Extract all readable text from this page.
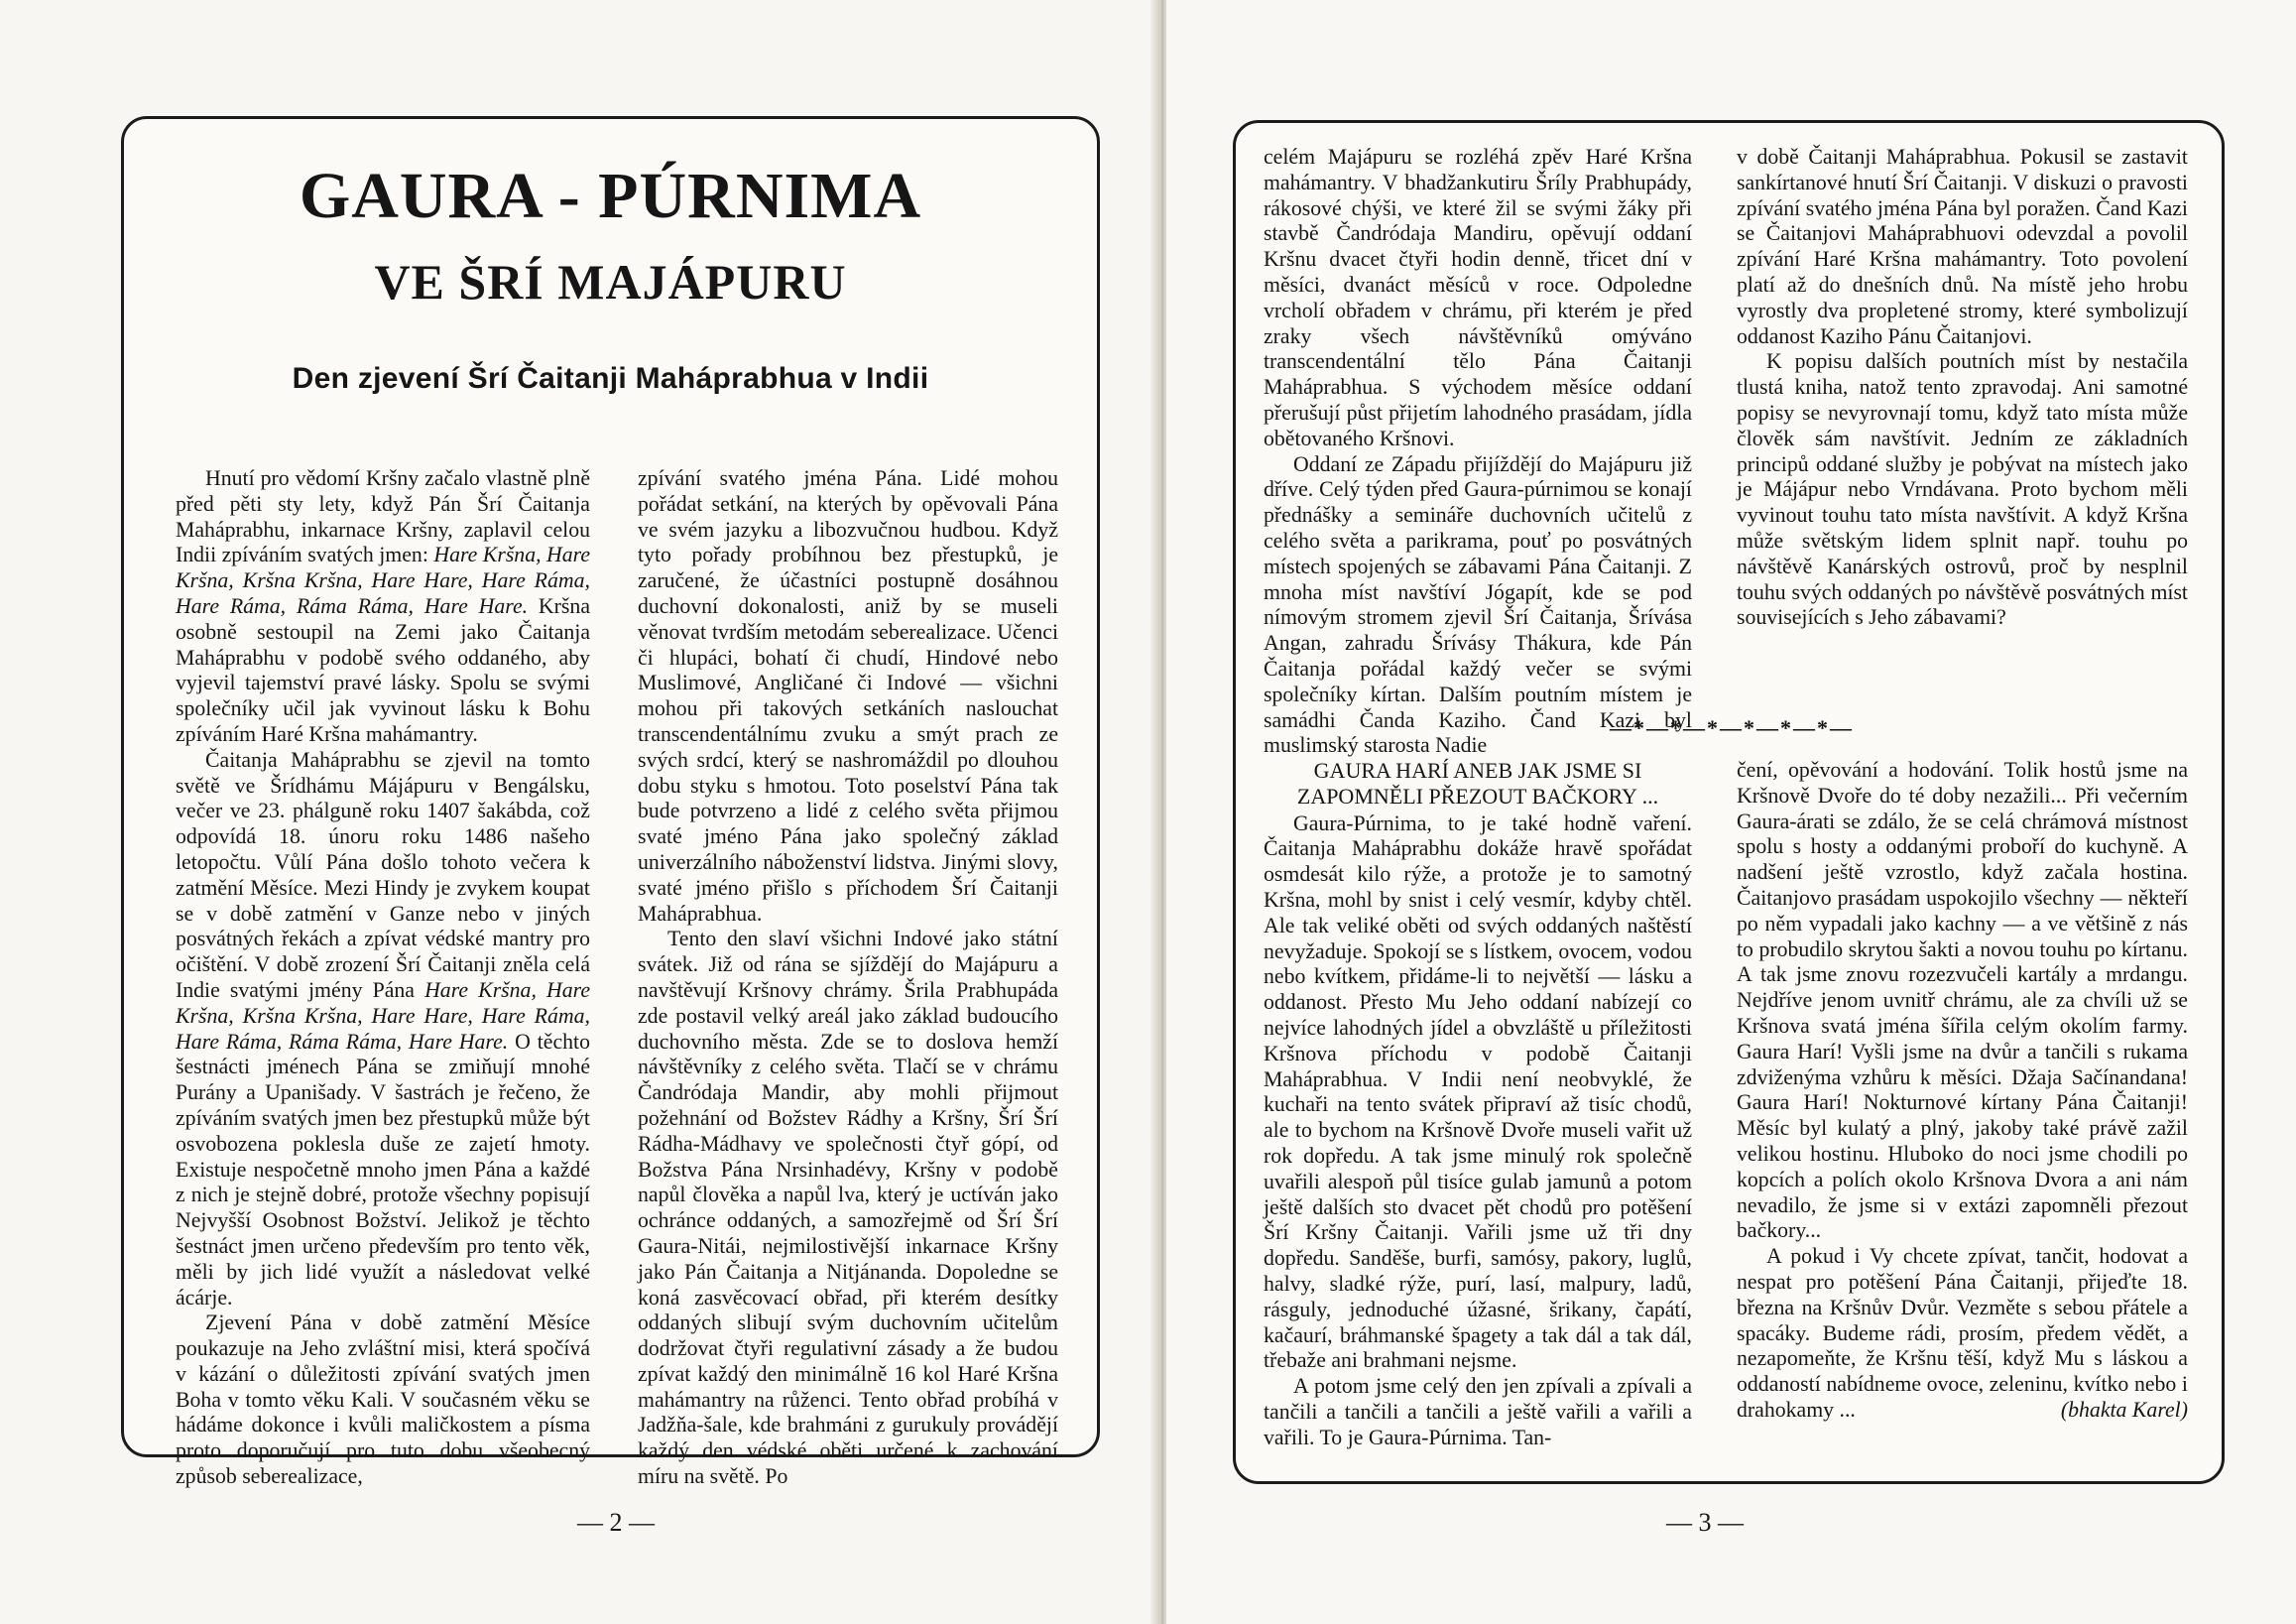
GAURA - PÚRNIMA
VE ŠRÍ MAJÁPURU
Den zjevení Šrí Čaitanji Maháprabhua v Indii

Hnutí pro vědomí Kršny začalo vlastně plně před pěti sty lety, když Pán Šrí Čaitanja Maháprabhu, inkarnace Kršny, zaplavil celou Indii zpíváním svatých jmen: Hare Kršna, Hare Kršna, Kršna Kršna, Hare Hare, Hare Ráma, Hare Ráma, Ráma Ráma, Hare Hare. Kršna osobně sestoupil na Zemi jako Čaitanja Maháprabhu v podobě svého oddaného, aby vyjevil tajemství pravé lásky. Spolu se svými společníky učil jak vyvinout lásku k Bohu zpíváním Haré Kršna mahámantry.

Čaitanja Maháprabhu se zjevil na tomto světě ve Šrídhámu Májápuru v Bengálsku, večer ve 23. phálguně roku 1407 šakábda, což odpovídá 18. únoru roku 1486 našeho letopočtu. Vůlí Pána došlo tohoto večera k zatmění Měsíce. Mezi Hindy je zvykem koupat se v době zatmění v Ganze nebo v jiných posvátných řekách a zpívat védské mantry pro očištění. V době zrození Šrí Čaitanji zněla celá Indie svatými jmény Pána Hare Kršna, Hare Kršna, Kršna Kršna, Hare Hare, Hare Ráma, Hare Ráma, Ráma Ráma, Hare Hare. O těchto šestnácti jménech Pána se zmiňují mnohé Purány a Upanišady. V šastrách je řečeno, že zpíváním svatých jmen bez přestupků může být osvobozena poklesla duše ze zajetí hmoty. Existuje nespočetně mnoho jmen Pána a každé z nich je stejně dobré, protože všechny popisují Nejvyšší Osobnost Božství. Jelikož je těchto šestnáct jmen určeno především pro tento věk, měli by jich lidé využít a následovat velké ácárje.

Zjevení Pána v době zatmění Měsíce poukazuje na Jeho zvláštní misi, která spočívá v kázání o důležitosti zpívání svatých jmen Boha v tomto věku Kali. V současném věku se hádáme dokonce i kvůli maličkostem a písma proto doporučují pro tuto dobu všeobecný způsob seberealizace,

zpívání svatého jména Pána. Lidé mohou pořádat setkání, na kterých by opěvovali Pána ve svém jazyku a libozvučnou hudbou. Když tyto pořady probíhnou bez přestupků, je zaručené, že účastníci postupně dosáhnou duchovní dokonalosti, aniž by se museli věnovat tvrdším metodám seberealizace. Učenci či hlupáci, bohatí či chudí, Hindové nebo Muslimové, Angličané či Indové — všichni mohou při takových setkáních naslouchat transcendentálnímu zvuku a smýt prach ze svých srdcí, který se nashromáždil po dlouhou dobu styku s hmotou. Toto poselství Pána tak bude potvrzeno a lidé z celého světa přijmou svaté jméno Pána jako společný základ univerzálního náboženství lidstva. Jinými slovy, svaté jméno přišlo s příchodem Šrí Čaitanji Maháprabhua.

Tento den slaví všichni Indové jako státní svátek. Již od rána se sjíždějí do Majápuru a navštěvují Kršnovy chrámy. Šrila Prabhupáda zde postavil velký areál jako základ budoucího duchovního města. Zde se to doslova hemží návštěvníky z celého světa. Tlačí se v chrámu Čandródaja Mandir, aby mohli přijmout požehnání od Božstev Rádhy a Kršny, Šrí Šrí Rádha-Mádhavy ve společnosti čtyř gópí, od Božstva Pána Nrsinhadévy, Kršny v podobě napůl člověka a napůl lva, který je uctíván jako ochránce oddaných, a samozřejmě od Šrí Šrí Gaura-Nitái, nejmilostivější inkarnace Kršny jako Pán Čaitanja a Nitjánanda. Dopoledne se koná zasvěcovací obřad, při kterém desítky oddaných slibují svým duchovním učitelům dodržovat čtyři regulativní zásady a že budou zpívat každý den minimálně 16 kol Haré Kršna mahámantry na růženci. Tento obřad probíhá v Jadžňa-šale, kde brahmáni z gurukuly provádějí každý den védské oběti určené k zachování míru na světě. Po

— 2 —

celém Majápuru se rozléhá zpěv Haré Kršna mahámantry. V bhadžankutiru Šríly Prabhupády, rákosové chýši, ve které žil se svými žáky při stavbě Čandródaja Mandiru, opěvují oddaní Kršnu dvacet čtyři hodin denně, třicet dní v měsíci, dvanáct měsíců v roce. Odpoledne vrcholí obřadem v chrámu, při kterém je před zraky všech návštěvníků omýváno transcendentální tělo Pána Čaitanji Maháprabhua. S východem měsíce oddaní přerušují půst přijetím lahodného prasádam, jídla obětovaného Kršnovi.

Oddaní ze Západu přijíždějí do Majápuru již dříve. Celý týden před Gaura-púrnimou se konají přednášky a semináře duchovních učitelů z celého světa a parikrama, pouť po posvátných místech spojených se zábavami Pána Čaitanji. Z mnoha míst navštíví Jógapít, kde se pod nímovým stromem zjevil Šrí Čaitanja, Šrívása Angan, zahradu Šrívásy Thákura, kde Pán Čaitanja pořádal každý večer se svými společníky kírtan. Dalším poutním místem je samádhi Čanda Kaziho. Čand Kazi byl muslimský starosta Nadie

v době Čaitanji Maháprabhua. Pokusil se zastavit sankírtanové hnutí Šrí Čaitanji. V diskuzi o pravosti zpívání svatého jména Pána byl poražen. Čand Kazi se Čaitanjovi Maháprabhuovi odevzdal a povolil zpívání Haré Kršna mahámantry. Toto povolení platí až do dnešních dnů. Na místě jeho hrobu vyrostly dva propletené stromy, které symbolizují oddanost Kaziho Pánu Čaitanjovi.

K popisu dalších poutních míst by nestačila tlustá kniha, natož tento zpravodaj. Ani samotné popisy se nevyrovnají tomu, když tato místa může člověk sám navštívit. Jedním ze základních principů oddané služby je pobývat na místech jako je Májápur nebo Vrndávana. Proto bychom měli vyvinout touhu tato místa navštívit. A když Kršna může světským lidem splnit např. touhu po návštěvě Kanárských ostrovů, proč by nesplnil touhu svých oddaných po návštěvě posvátných míst souvisejících s Jeho zábavami?

—*—*—*—*—*—*—

GAURA HARÍ ANEB JAK JSME SI ZAPOMNĚLI PŘEZOUT BAČKORY ...

Gaura-Púrnima, to je také hodně vaření. Čaitanja Maháprabhu dokáže hravě spořádat osmdesát kilo rýže, a protože je to samotný Kršna, mohl by snist i celý vesmír, kdyby chtěl. Ale tak veliké oběti od svých oddaných naštěstí nevyžaduje. Spokojí se s lístkem, ovocem, vodou nebo kvítkem, přidáme-li to největší — lásku a oddanost. Přesto Mu Jeho oddaní nabízejí co nejvíce lahodných jídel a obvzláště u příležitosti Kršnova příchodu v podobě Čaitanji Maháprabhua. V Indii není neobvyklé, že kuchaři na tento svátek připraví až tisíc chodů, ale to bychom na Kršnově Dvoře museli vařit už rok dopředu. A tak jsme minulý rok společně uvařili alespoň půl tisíce gulab jamunů a potom ještě dalších sto dvacet pět chodů pro potěšení Šrí Kršny Čaitanji. Vařili jsme už tři dny dopředu. Sanděše, burfi, samósy, pakory, luglů, halvy, sladké rýže, purí, lasí, malpury, ladů, rásguly, jednoduché úžasné, šrikany, čapátí, kačaurí, bráhmanské špagety a tak dál a tak dál, třebaže ani brahmani nejsme.

A potom jsme celý den jen zpívali a zpívali a tančili a tančili a tančili a ještě vařili a vařili a vařili. To je Gaura-Púrnima. Tan-

čení, opěvování a hodování. Tolik hostů jsme na Kršnově Dvoře do té doby nezažili... Při večerním Gaura-árati se zdálo, že se celá chrámová místnost spolu s hosty a oddanými proboří do kuchyně. A nadšení ještě vzrostlo, když začala hostina. Čaitanjovo prasádam uspokojilo všechny — někteří po něm vypadali jako kachny — a ve většině z nás to probudilo skrytou šakti a novou touhu po kírtanu. A tak jsme znovu rozezvučeli kartály a mrdangu. Nejdříve jenom uvnitř chrámu, ale za chvíli už se Kršnova svatá jména šířila celým okolím farmy. Gaura Harí! Vyšli jsme na dvůr a tančili s rukama zdviženýma vzhůru k měsíci. Džaja Sačínandana! Gaura Harí! Nokturnové kírtany Pána Čaitanji! Měsíc byl kulatý a plný, jakoby také právě zažil velikou hostinu. Hluboko do noci jsme chodili po kopcích a polích okolo Kršnova Dvora a ani nám nevadilo, že jsme si v extázi zapomněli přezout bačkory...

A pokud i Vy chcete zpívat, tančit, hodovat a nespat pro potěšení Pána Čaitanji, přijeďte 18. března na Kršnův Dvůr. Vezměte s sebou přátele a spacáky. Budeme rádi, prosím, předem vědět, a nezapomeňte, že Kršnu těší, když Mu s láskou a oddaností nabídneme ovoce, zeleninu, kvítko nebo i drahokamy ...	(bhakta Karel)

— 3 —
